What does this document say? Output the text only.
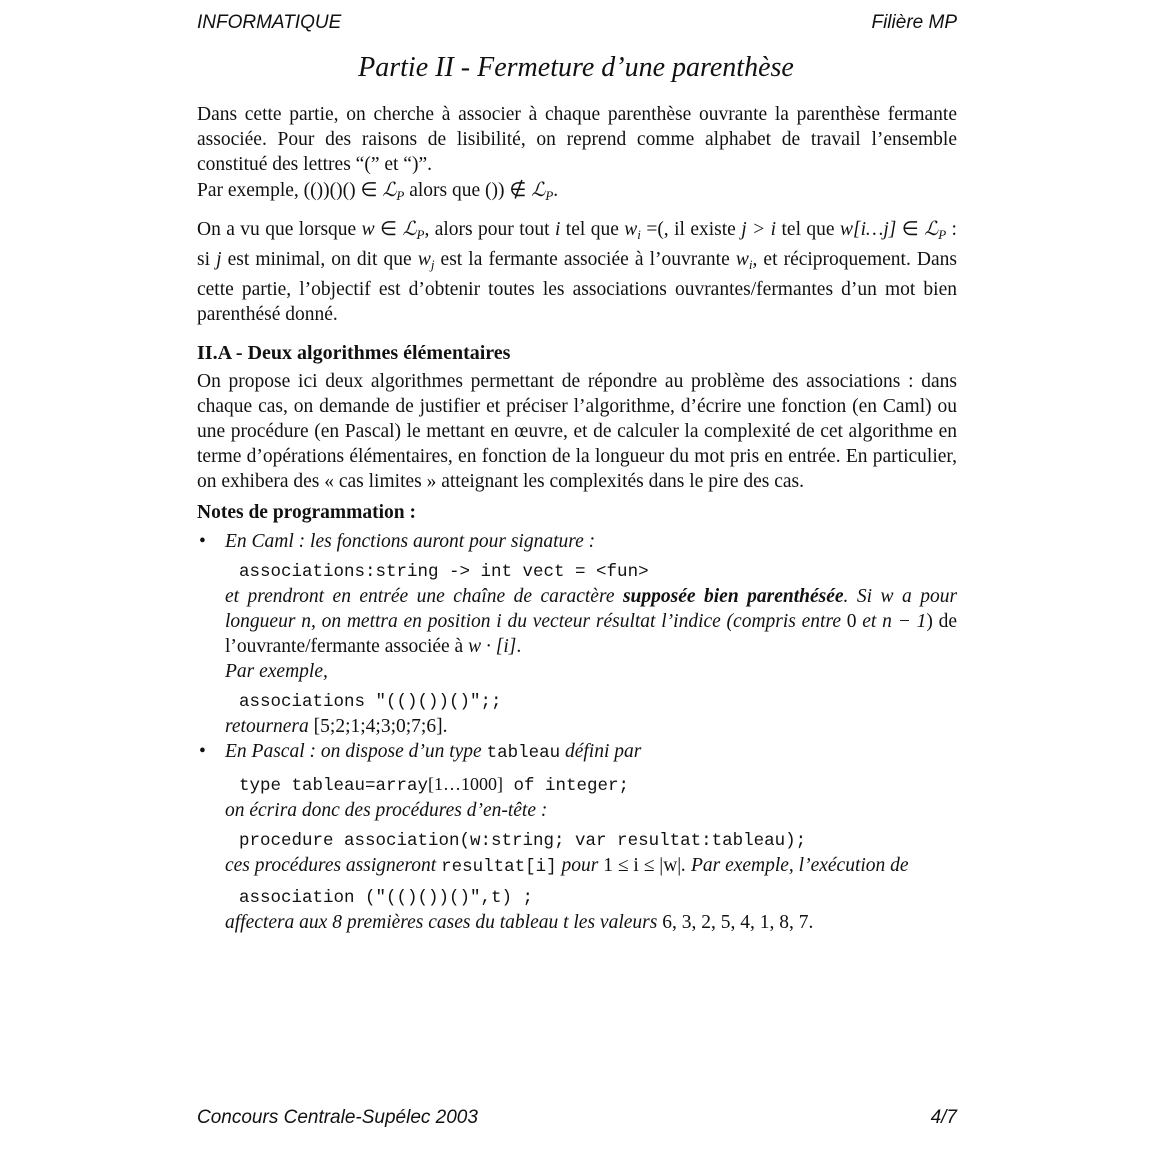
INFORMATIQUE	Filière MP
Partie II - Fermeture d’une parenthèse

Dans cette partie, on cherche à associer à chaque parenthèse ouvrante la parenthèse fermante associée. Pour des raisons de lisibilité, on reprend comme alphabet de travail l’ensemble constitué des lettres “(” et “)”.

Par exemple, (())()() ∈ ℒ$_P$ alors que ()) ∉ ℒ$_P$.

On a vu que lorsque w ∈ ℒ$_P$, alors pour tout i tel que $w_i$ =(, il existe j > i tel que w[i…j] ∈ ℒ$_P$ : si j est minimal, on dit que $w_j$ est la fermante associée à l’ouvrante $w_i$, et réciproquement. Dans cette partie, l’objectif est d’obtenir toutes les associations ouvrantes/fermantes d’un mot bien parenthésé donné.

II.A - Deux algorithmes élémentaires

On propose ici deux algorithmes permettant de répondre au problème des associations : dans chaque cas, on demande de justifier et préciser l’algorithme, d’écrire une fonction (en Caml) ou une procédure (en Pascal) le mettant en œuvre, et de calculer la complexité de cet algorithme en terme d’opérations élémentaires, en fonction de la longueur du mot pris en entrée. En particulier, on exhibera des « cas limites » atteignant les complexités dans le pire des cas.

Notes de programmation :
• En Caml : les fonctions auront pour signature :
associations:string -> int vect = <fun>
et prendront en entrée une chaîne de caractère supposée bien parenthésée. Si w a pour longueur n, on mettra en position i du vecteur résultat l’indice (compris entre 0 et n − 1) de l’ouvrante/fermante associée à w · [i].
Par exemple,
associations "(()())()";;
retournera [5;2;1;4;3;0;7;6].
• En Pascal : on dispose d’un type tableau défini par
type tableau=array[1…1000] of integer;
on écrira donc des procédures d’en-tête :
procedure association(w:string; var resultat:tableau);
ces procédures assigneront resultat[i] pour 1 ≤ i ≤ |w|. Par exemple, l’exécution de
association ("(()())()",t) ;
affectera aux 8 premières cases du tableau t les valeurs 6, 3, 2, 5, 4, 1, 8, 7.
Concours Centrale-Supélec 2003	4/7
